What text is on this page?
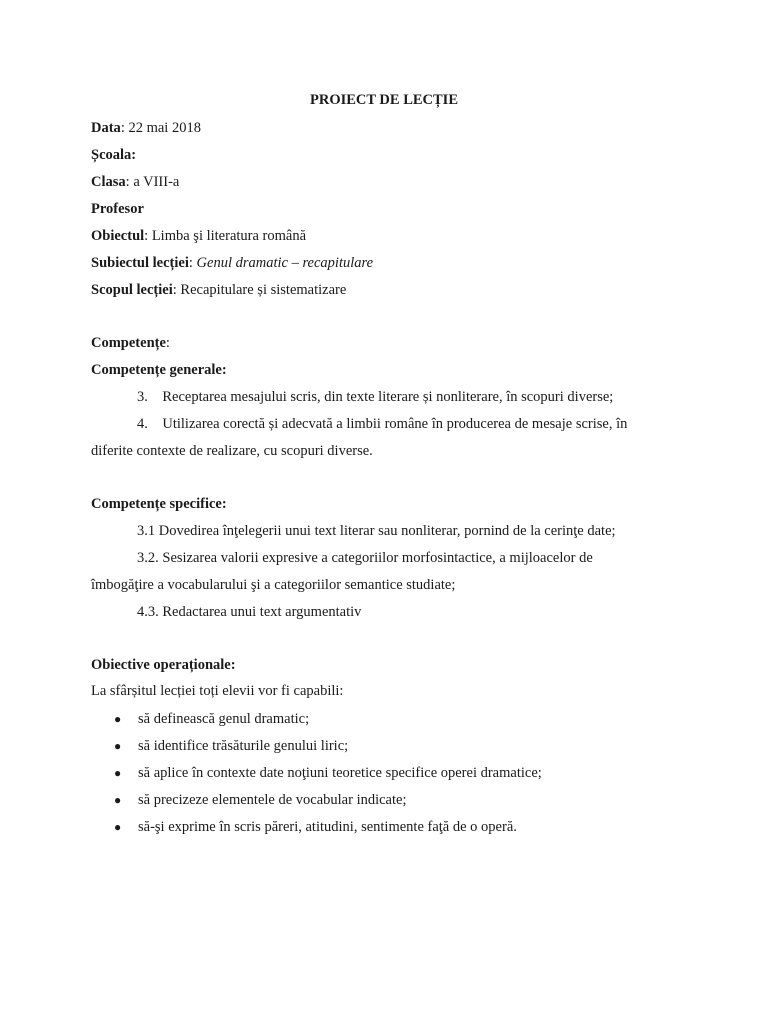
PROIECT DE LECȚIE
Data: 22 mai 2018
Școala:
Clasa: a VIII-a
Profesor
Obiectul: Limba şi literatura română
Subiectul lecției: Genul dramatic – recapitulare
Scopul lecției: Recapitulare și sistematizare
Competențe:
Competențe generale:
3.    Receptarea mesajului scris, din texte literare și nonliterare, în scopuri diverse;
4.    Utilizarea corectă și adecvată a limbii române în producerea de mesaje scrise, în
diferite contexte de realizare, cu scopuri diverse.
Competențe specifice:
3.1 Dovedirea înţelegerii unui text literar sau nonliterar, pornind de la cerinţe date;
3.2. Sesizarea valorii expresive a categoriilor morfosintactice, a mijloacelor de
îmbogăţire a vocabularului şi a categoriilor semantice studiate;
4.3. Redactarea unui text argumentativ
Obiective operaționale:
La sfârșitul lecției toți elevii vor fi capabili:
● să definească genul dramatic;
● să identifice trăsăturile genului liric;
● să aplice în contexte date noţiuni teoretice specifice operei dramatice;
● să precizeze elementele de vocabular indicate;
● să-şi exprime în scris păreri, atitudini, sentimente faţă de o operă.
